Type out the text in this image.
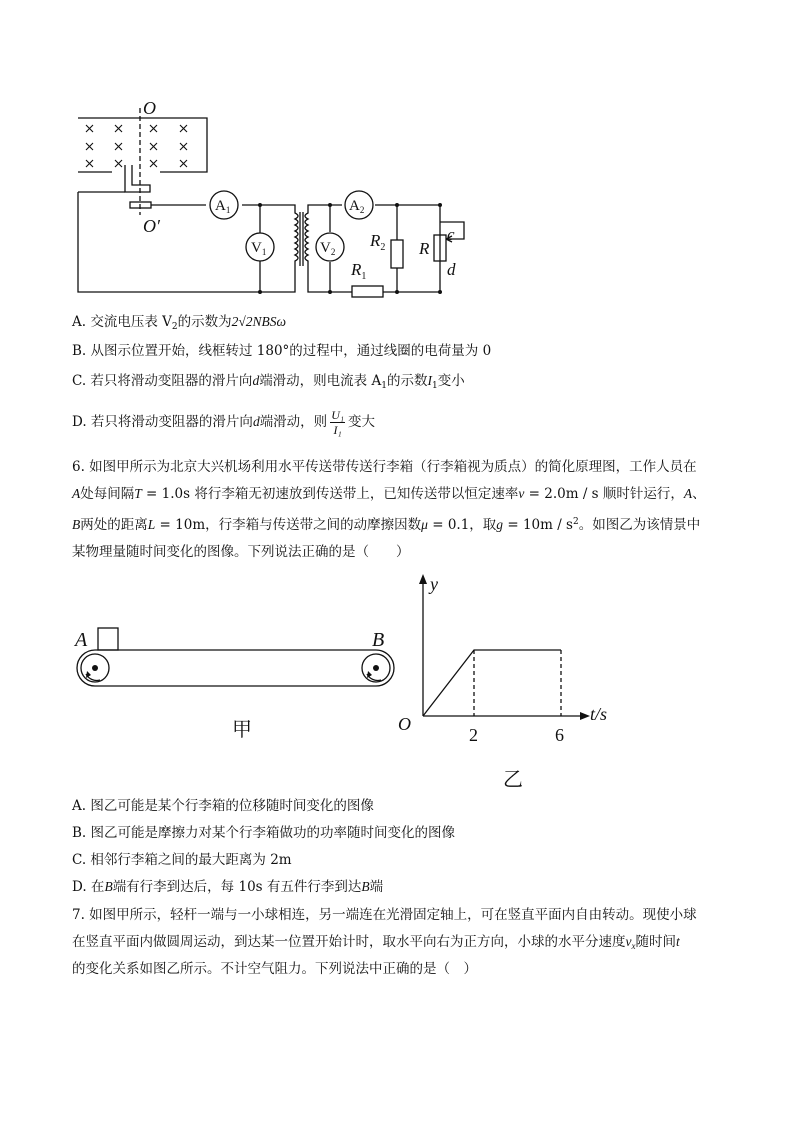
O
O′
$A_1$	$A_2$
$V_1$	$V_2$
$R_2$
$R_1$
R
c
d
A. 交流电压表 $V_2$的示数为2√2NBSω
B. 从图示位置开始，线框转过 180°的过程中，通过线圈的电荷量为 0
C. 若只将滑动变阻器的滑片向d端滑动，则电流表 $A_1$的示数$I_1$变小
D. 若只将滑动变阻器的滑片向d端滑动，则 $\frac{\text{U₁}}{\text{I₁}}$ 变大
6. 如图甲所示为北京大兴机场利用水平传送带传送行李箱（行李箱视为质点）的简化原理图，工作人员在
A处每间隔T = 1.0s 将行李箱无初速放到传送带上，已知传送带以恒定速率v = 2.0m / s 顺时针运行，A、
B两处的距离L = 10m，行李箱与传送带之间的动摩擦因数μ = 0.1，取$g = 10m / s^2$。如图乙为该情景中
某物理量随时间变化的图像。下列说法正确的是（　　）
A	B
甲
y
t/s
O
2	6
乙
A. 图乙可能是某个行李箱的位移随时间变化的图像
B. 图乙可能是摩擦力对某个行李箱做功的功率随时间变化的图像
C. 相邻行李箱之间的最大距离为 2m
D. 在B端有行李到达后，每 10s 有五件行李到达B端
7. 如图甲所示，轻杆一端与一小球相连，另一端连在光滑固定轴上，可在竖直平面内自由转动。现使小球
在竖直平面内做圆周运动，到达某一位置开始计时，取水平向右为正方向，小球的水平分速度$v_x$随时间t
的变化关系如图乙所示。不计空气阻力。下列说法中正确的是（　）
